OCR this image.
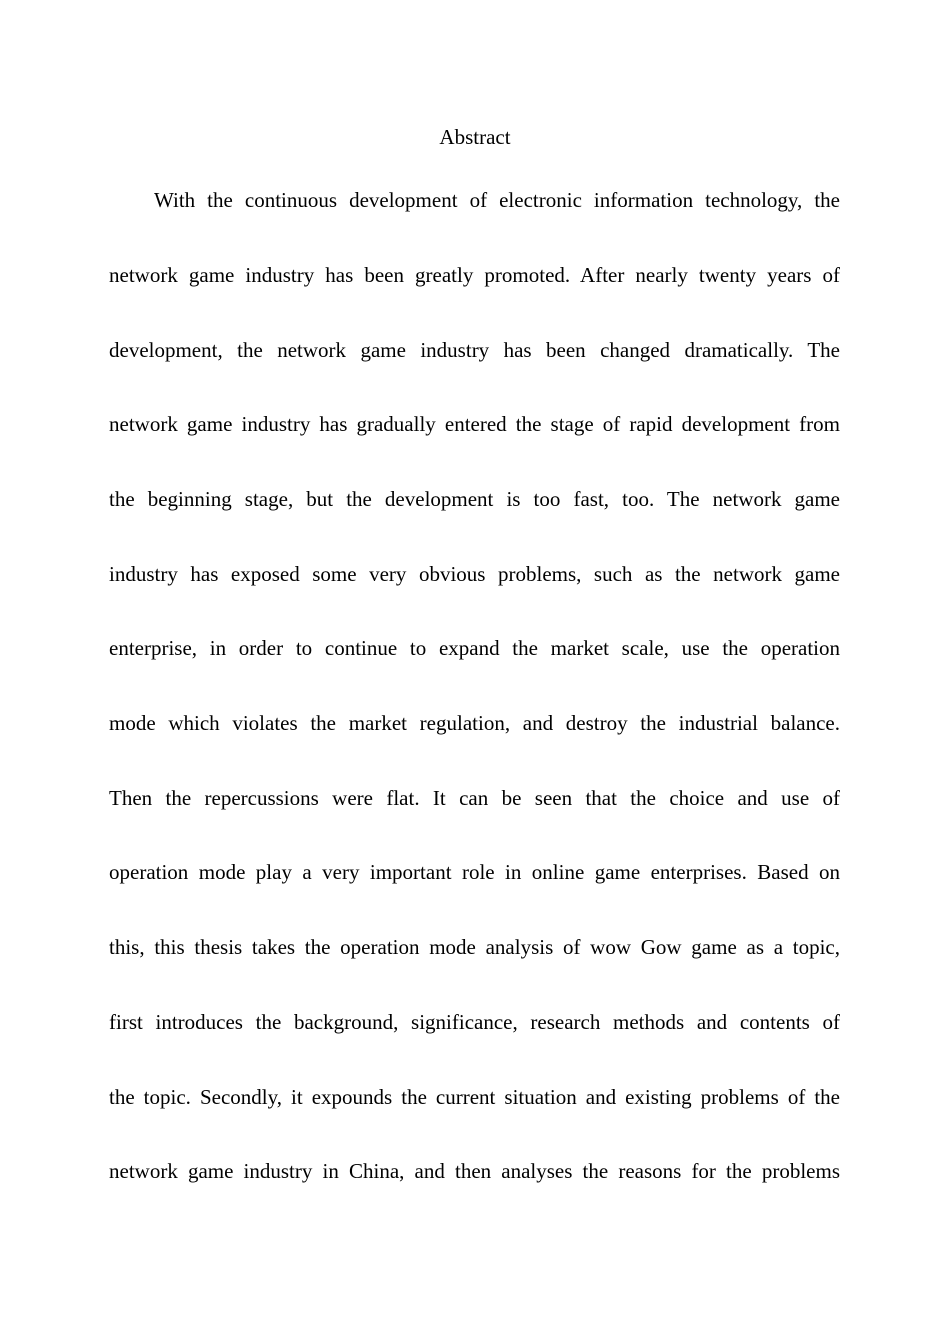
Abstract
With the continuous development of electronic information technology, the
network game industry has been greatly promoted. After nearly twenty years of
development, the network game industry has been changed dramatically. The
network game industry has gradually entered the stage of rapid development from
the beginning stage, but the development is too fast, too. The network game
industry has exposed some very obvious problems, such as the network game
enterprise, in order to continue to expand the market scale, use the operation
mode which violates the market regulation, and destroy the industrial balance.
Then the repercussions were flat. It can be seen that the choice and use of
operation mode play a very important role in online game enterprises. Based on
this, this thesis takes the operation mode analysis of wow Gow game as a topic,
first introduces the background, significance, research methods and contents of
the topic. Secondly, it expounds the current situation and existing problems of the
network game industry in China, and then analyses the reasons for the problems
